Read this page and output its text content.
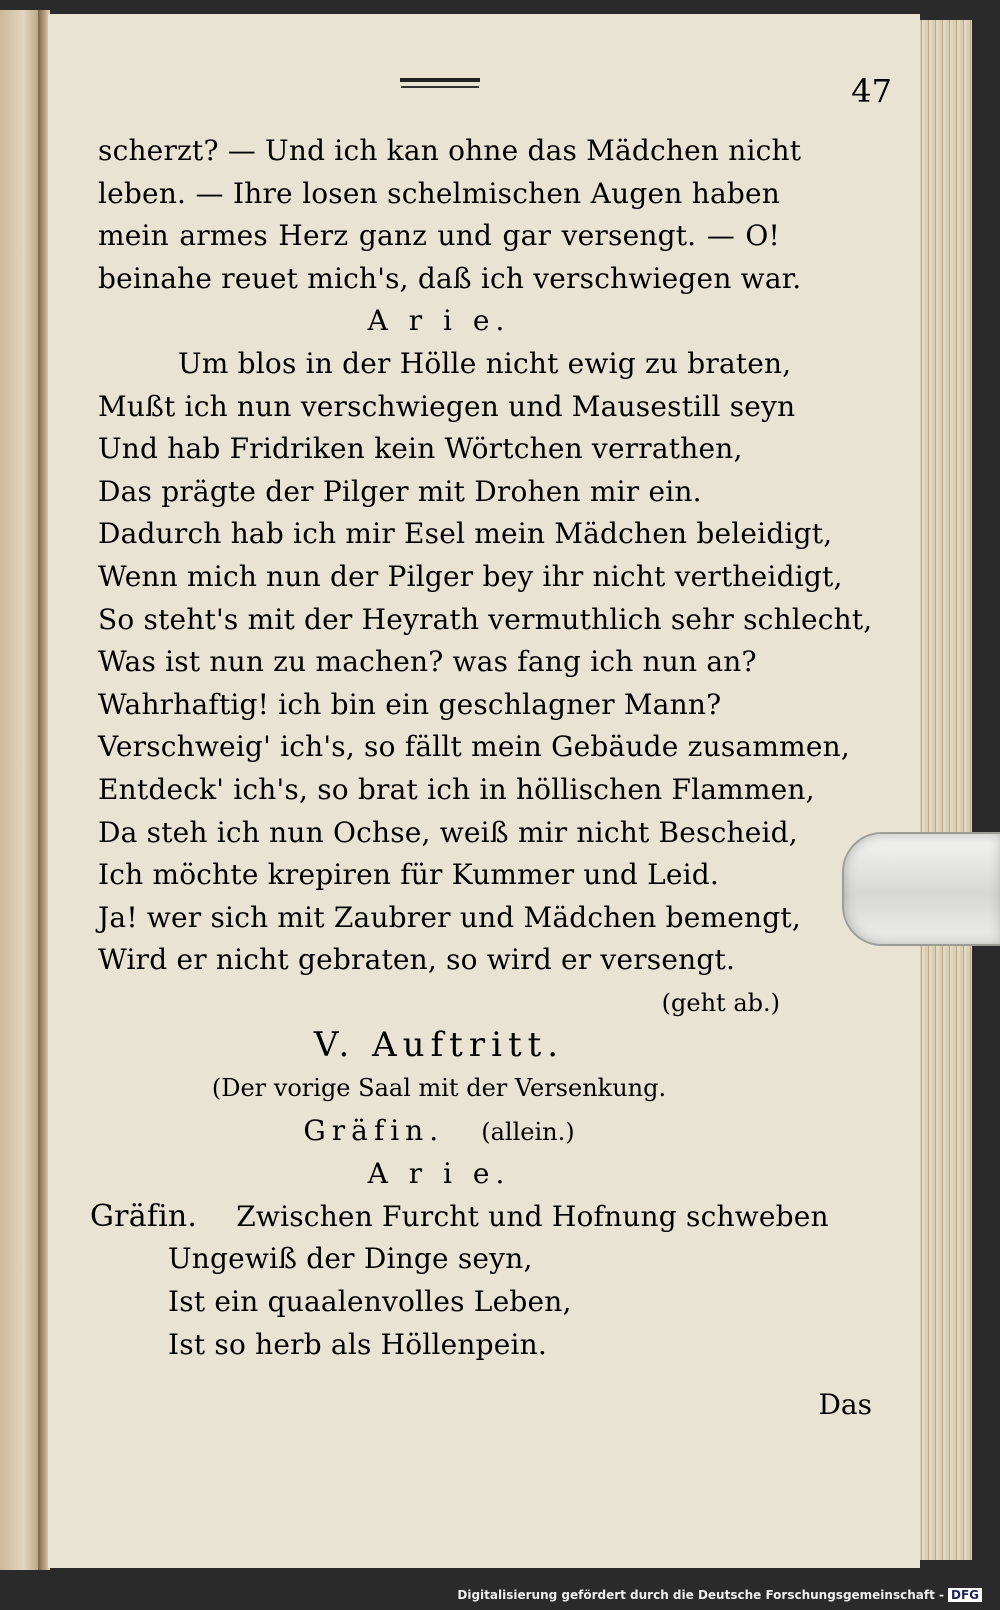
47
scherzt? — Und ich kan ohne das Mädchen nicht
leben. — Ihre losen schelmischen Augen haben
mein armes Herz ganz und gar versengt. — O!
beinahe reuet mich's, daß ich verschwiegen war.
A r i e.
Um blos in der Hölle nicht ewig zu braten,
Mußt ich nun verschwiegen und Mausestill seyn
Und hab Fridriken kein Wörtchen verrathen,
Das prägte der Pilger mit Drohen mir ein.
Dadurch hab ich mir Esel mein Mädchen beleidigt,
Wenn mich nun der Pilger bey ihr nicht vertheidigt,
So steht's mit der Heyrath vermuthlich sehr schlecht,
Was ist nun zu machen? was fang ich nun an?
Wahrhaftig! ich bin ein geschlagner Mann?
Verschweig' ich's, so fällt mein Gebäude zusammen,
Entdeck' ich's, so brat ich in höllischen Flammen,
Da steh ich nun Ochse, weiß mir nicht Bescheid,
Ich möchte krepiren für Kummer und Leid.
Ja! wer sich mit Zaubrer und Mädchen bemengt,
Wird er nicht gebraten, so wird er versengt.
(geht ab.)
V. Auftritt.
(Der vorige Saal mit der Versenkung.
Gräfin. (allein.)
A r i e.
Gräfin. Zwischen Furcht und Hofnung schweben
Ungewiß der Dinge seyn,
Ist ein quaalenvolles Leben,
Ist so herb als Höllenpein.
Das
Digitalisierung gefördert durch die Deutsche Forschungsgemeinschaft - DFG
